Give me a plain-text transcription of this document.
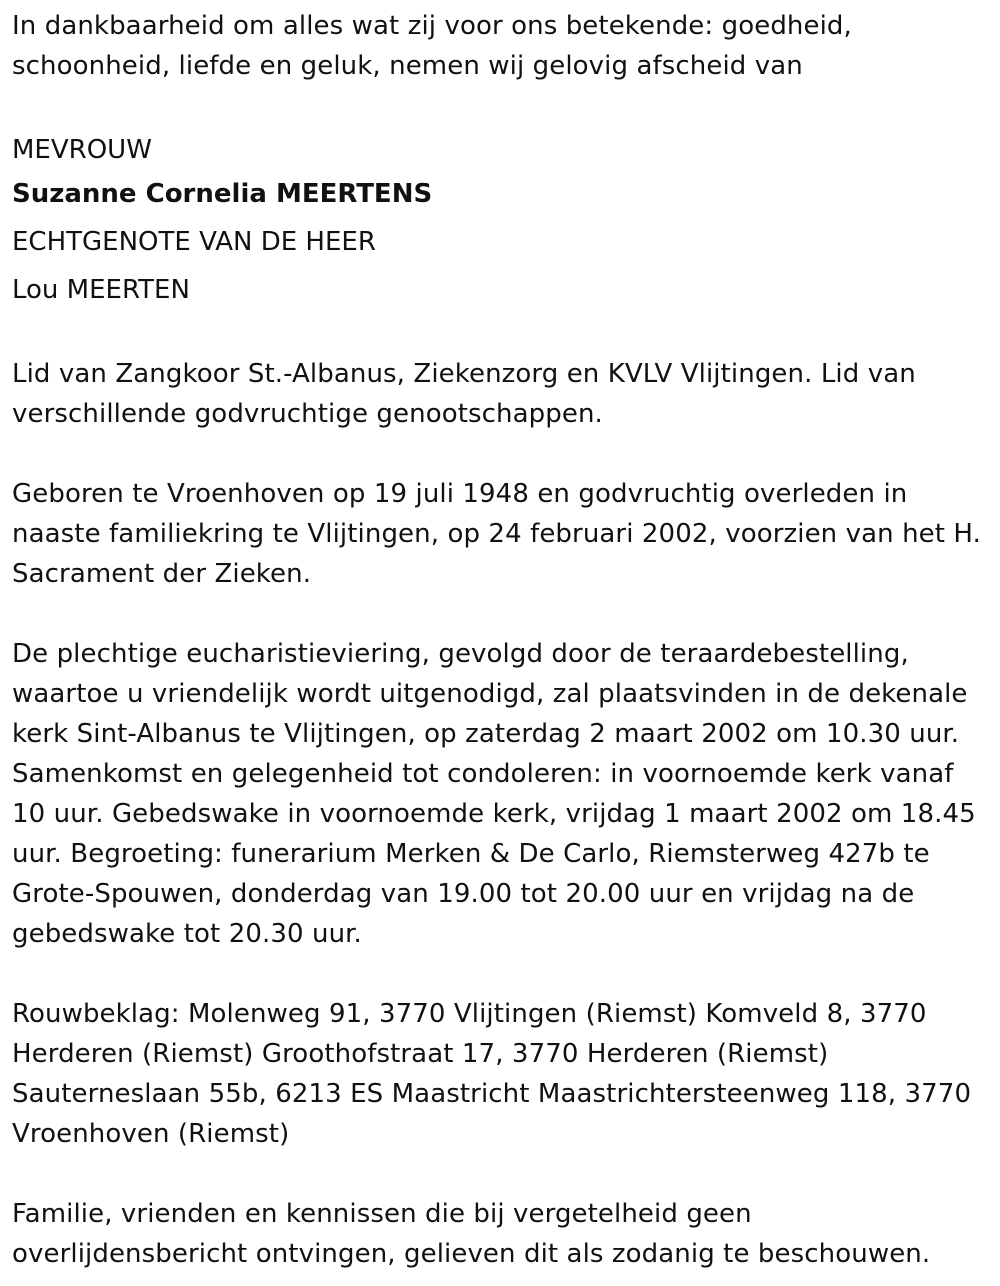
In dankbaarheid om alles wat zij voor ons betekende: goedheid,
schoonheid, liefde en geluk, nemen wij gelovig afscheid van

MEVROUW
Suzanne Cornelia MEERTENS
ECHTGENOTE VAN DE HEER
Lou MEERTEN

Lid van Zangkoor St.-Albanus, Ziekenzorg en KVLV Vlijtingen. Lid van
verschillende godvruchtige genootschappen.

Geboren te Vroenhoven op 19 juli 1948 en godvruchtig overleden in
naaste familiekring te Vlijtingen, op 24 februari 2002, voorzien van het H.
Sacrament der Zieken.

De plechtige eucharistieviering, gevolgd door de teraardebestelling,
waartoe u vriendelijk wordt uitgenodigd, zal plaatsvinden in de dekenale
kerk Sint-Albanus te Vlijtingen, op zaterdag 2 maart 2002 om 10.30 uur.
Samenkomst en gelegenheid tot condoleren: in voornoemde kerk vanaf
10 uur. Gebedswake in voornoemde kerk, vrijdag 1 maart 2002 om 18.45
uur. Begroeting: funerarium Merken & De Carlo, Riemsterweg 427b te
Grote-Spouwen, donderdag van 19.00 tot 20.00 uur en vrijdag na de
gebedswake tot 20.30 uur.

Rouwbeklag: Molenweg 91, 3770 Vlijtingen (Riemst) Komveld 8, 3770
Herderen (Riemst) Groothofstraat 17, 3770 Herderen (Riemst)
Sauterneslaan 55b, 6213 ES Maastricht Maastrichtersteenweg 118, 3770
Vroenhoven (Riemst)

Familie, vrienden en kennissen die bij vergetelheid geen
overlijdensbericht ontvingen, gelieven dit als zodanig te beschouwen.
